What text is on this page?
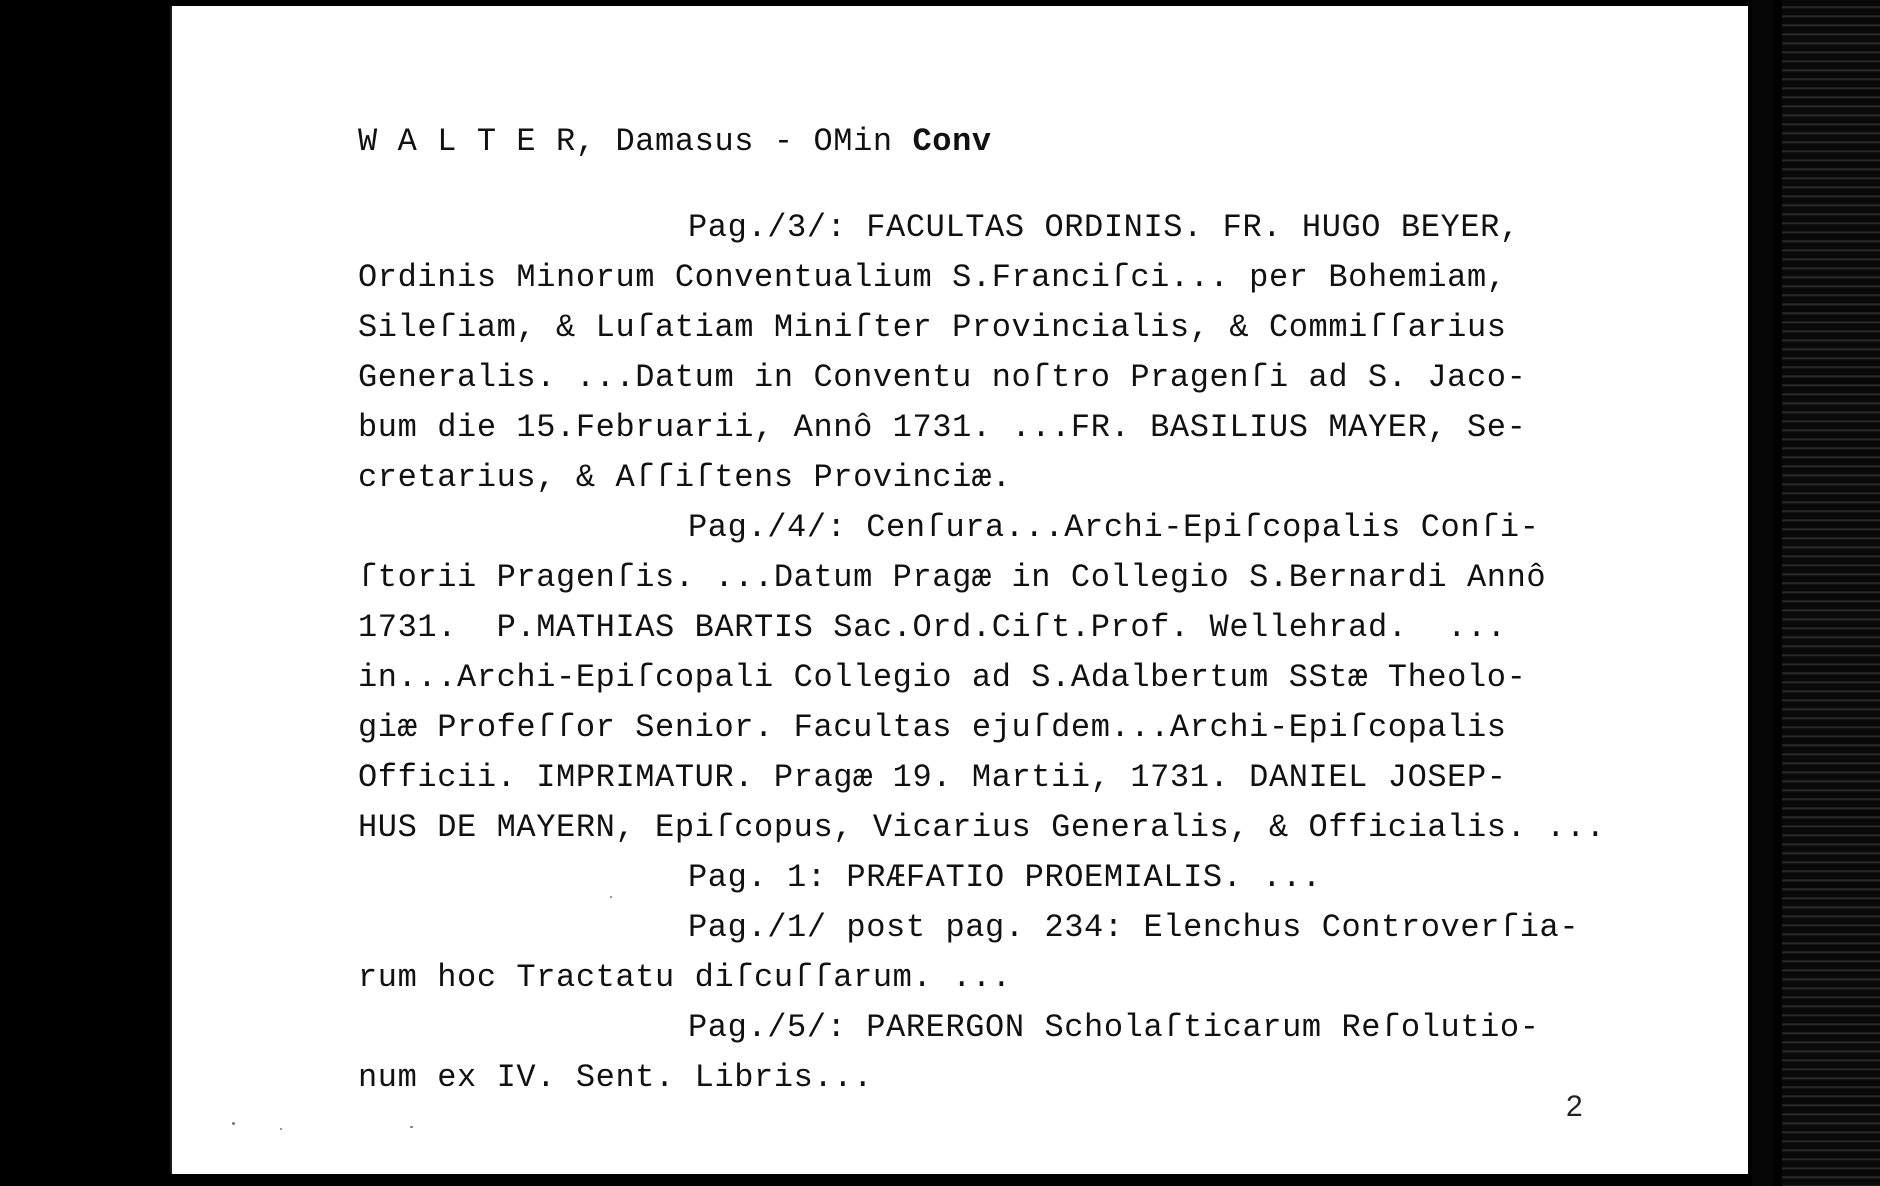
W A L T E R, Damasus - OMin Conv

Pag./3/: FACULTAS ORDINIS. FR. HUGO BEYER,

Ordinis Minorum Conventualium S.Franciſci... per Bohemiam,

Sileſiam, & Luſatiam Miniſter Provincialis, & Commiſſarius

Generalis. ...Datum in Conventu noſtro Pragenſi ad S. Jaco-

bum die 15.Februarii, Annô 1731. ...FR. BASILIUS MAYER, Se-

cretarius, & Aſſiſtens Provinciæ.

Pag./4/: Cenſura...Archi-Epiſcopalis Conſi-

ſtorii Pragenſis. ...Datum Pragæ in Collegio S.Bernardi Annô

1731.  P.MATHIAS BARTIS Sac.Ord.Ciſt.Prof. Wellehrad.  ...

in...Archi-Epiſcopali Collegio ad S.Adalbertum SStæ Theolo-

giæ Profeſſor Senior. Facultas ejuſdem...Archi-Epiſcopalis

Officii. IMPRIMATUR. Pragæ 19. Martii, 1731. DANIEL JOSEP-

HUS DE MAYERN, Epiſcopus, Vicarius Generalis, & Officialis. ...

Pag. 1: PRÆFATIO PROEMIALIS. ...

Pag./1/ post pag. 234: Elenchus Controverſia-

rum hoc Tractatu diſcuſſarum. ...

Pag./5/: PARERGON Scholaſticarum Reſolutio-

num ex IV. Sent. Libris...

2
